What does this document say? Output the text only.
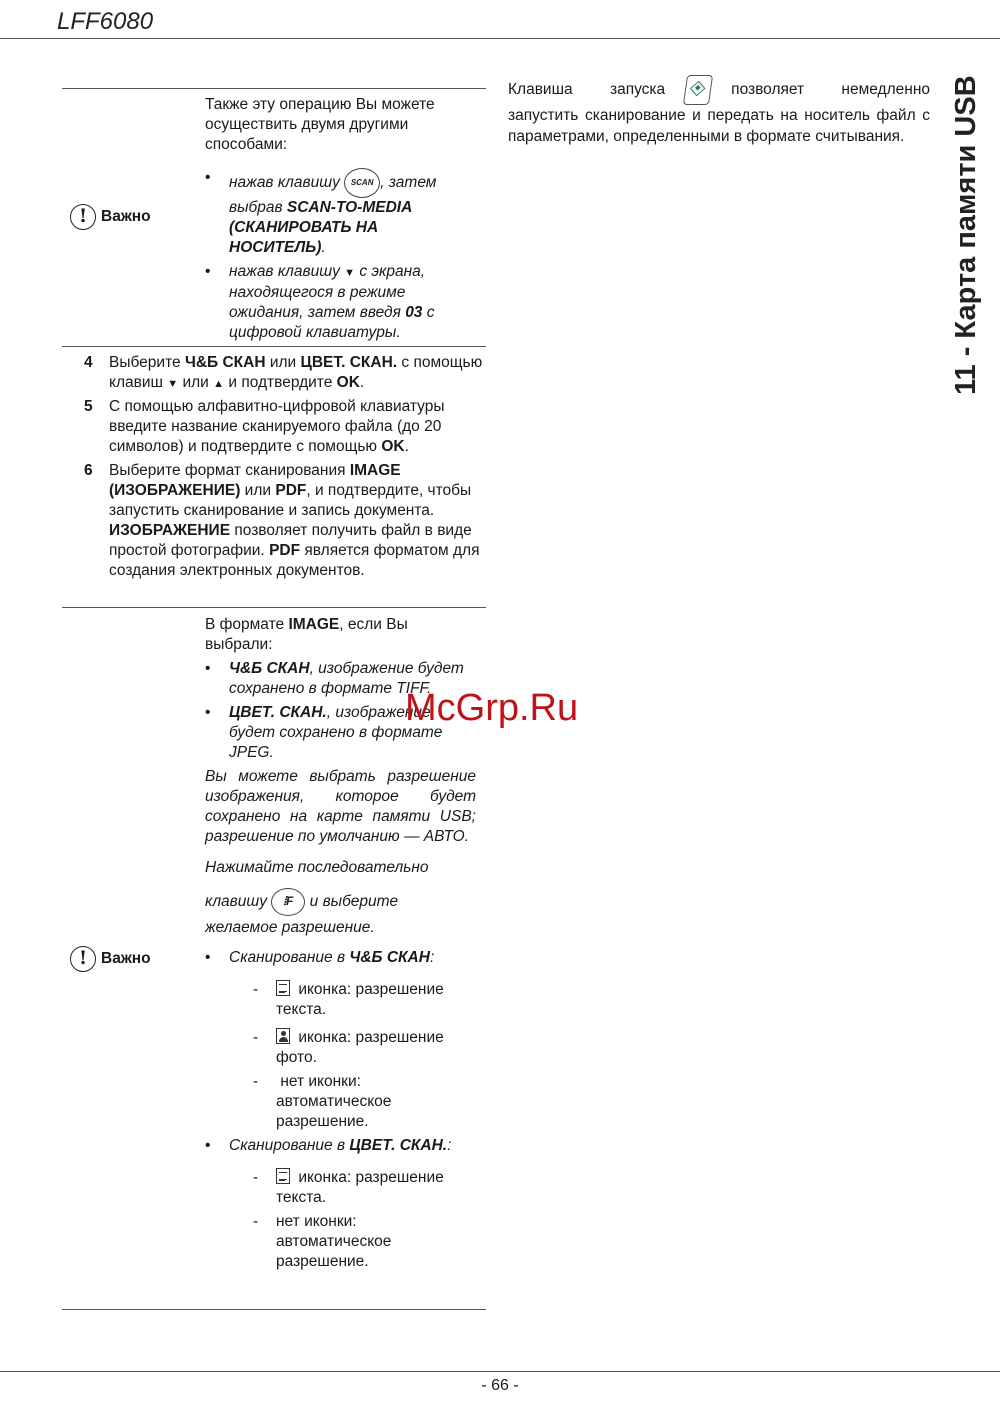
LFF6080
11 - Карта памяти USB
! Важно

Также эту операцию Вы можете осуществить двумя другими способами:

•	нажав клавишу SCAN , затем выбрав SCAN-TO-MEDIA (СКАНИРОВАТЬ НА НОСИТЕЛЬ).
•	нажав клавишу ▼ с экрана, находящегося в режиме ожидания, затем введя 03 с цифровой клавиатуры.
4	Выберите Ч&Б СКАН или ЦВЕТ. СКАН. с помощью клавиш ▼ или ▲ и подтвердите OK.
5	С помощью алфавитно-цифровой клавиатуры введите название сканируемого файла (до 20 символов) и подтвердите с помощью OK.
6	Выберите формат сканирования IMAGE (ИЗОБРАЖЕНИЕ) или PDF, и подтвердите, чтобы запустить сканирование и запись документа. ИЗОБРАЖЕНИЕ позволяет получить файл в виде простой фотографии. PDF является форматом для создания электронных документов.
! Важно

В формате IMAGE, если Вы выбрали:

•	Ч&Б СКАН, изображение будет сохранено в формате TIFF.
•	ЦВЕТ. СКАН., изображение будет сохранено в формате JPEG.

Вы можете выбрать разрешение изображения, которое будет сохранено на карте памяти USB; разрешение по умолчанию — АВТО.

Нажимайте последовательно

клавишу ⦙F и выберите

желаемое разрешение.

•	Сканирование в Ч&Б СКАН:
-	иконка: разрешение текста.
-	иконка: разрешение фото.
-	нет иконки: автоматическое разрешение.
•	Сканирование в ЦВЕТ. СКАН.:
-	иконка: разрешение текста.
-	нет иконки: автоматическое разрешение.
Клавиша запуска	позволяет немедленно запустить сканирование и передать на носитель файл с параметрами, определенными в формате считывания.
McGrp.Ru
- 66 -
